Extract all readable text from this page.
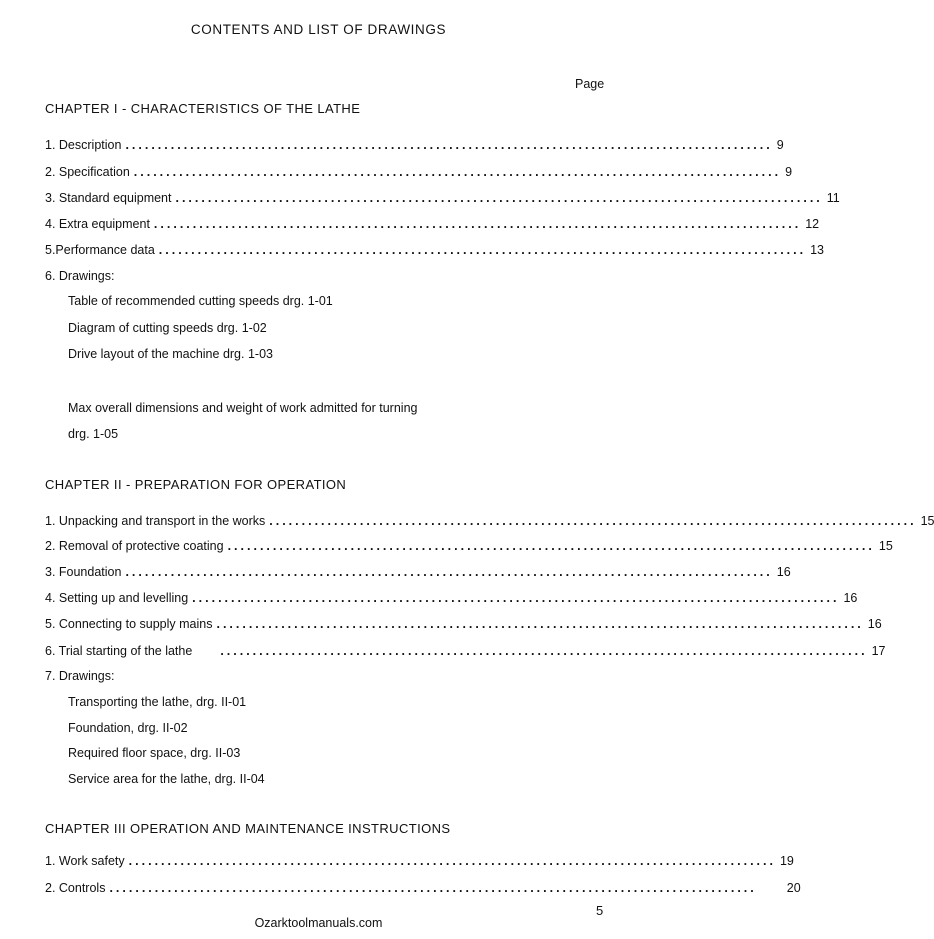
CONTENTS AND LIST OF DRAWINGS
Page
CHAPTER I - CHARACTERISTICS OF THE LATHE
1. Description .................................................................................................... 9
2. Specification .................................................................................................... 9
3. Standard equipment .................................................................................................... 11
4. Extra equipment .................................................................................................... 12
5.Performance data .................................................................................................... 13
6. Drawings:
Table of recommended cutting speeds drg. 1-01
Diagram of cutting speeds drg. 1-02
Drive layout of the machine drg. 1-03
Max overall dimensions and weight of work admitted for turning
drg. 1-05
CHAPTER II - PREPARATION FOR OPERATION
1. Unpacking and transport in the works .................................................................................................... 15
2. Removal of protective coating .................................................................................................... 15
3. Foundation .................................................................................................... 16
4. Setting up and levelling .................................................................................................... 16
5. Connecting to supply mains .................................................................................................... 16
6. Trial starting of the lathe .................................................................................................... 17
7. Drawings:
Transporting the lathe, drg. II-01
Foundation, drg. II-02
Required floor space, drg. II-03
Service area for the lathe, drg. II-04
CHAPTER III OPERATION AND MAINTENANCE INSTRUCTIONS
1. Work safety .................................................................................................... 19
2. Controls .................................................................................................... 20
5
Ozarktoolmanuals.com
